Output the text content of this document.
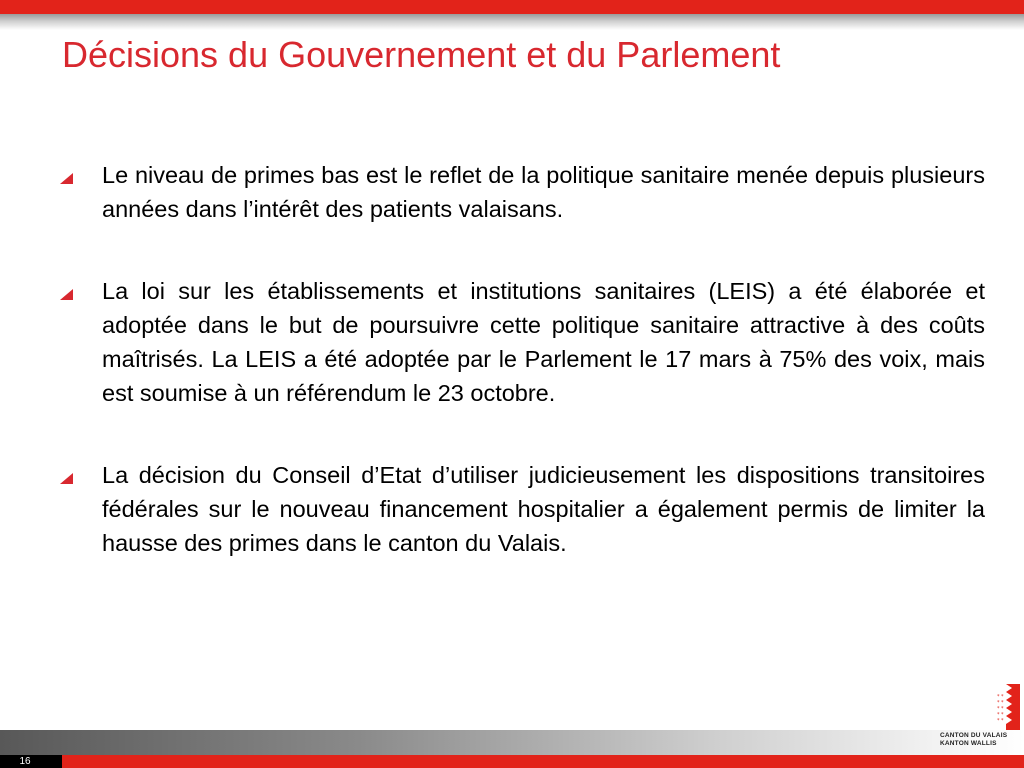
Décisions du Gouvernement et du Parlement
Le niveau de primes bas est le reflet de la politique sanitaire menée depuis plusieurs années dans l’intérêt des patients valaisans.
La loi sur les établissements et institutions sanitaires (LEIS) a été élaborée et adoptée dans le but de poursuivre cette politique sanitaire attractive à des coûts maîtrisés. La LEIS a été adoptée par le Parlement le 17 mars à 75% des voix, mais est soumise à un référendum le 23 octobre.
La décision du Conseil d’Etat d’utiliser judicieusement les dispositions transitoires fédérales sur le nouveau financement hospitalier a également permis de limiter la hausse des primes dans le canton du Valais.
16
* *
* *
* *
* *
* *
CANTON DU VALAIS
KANTON WALLIS
